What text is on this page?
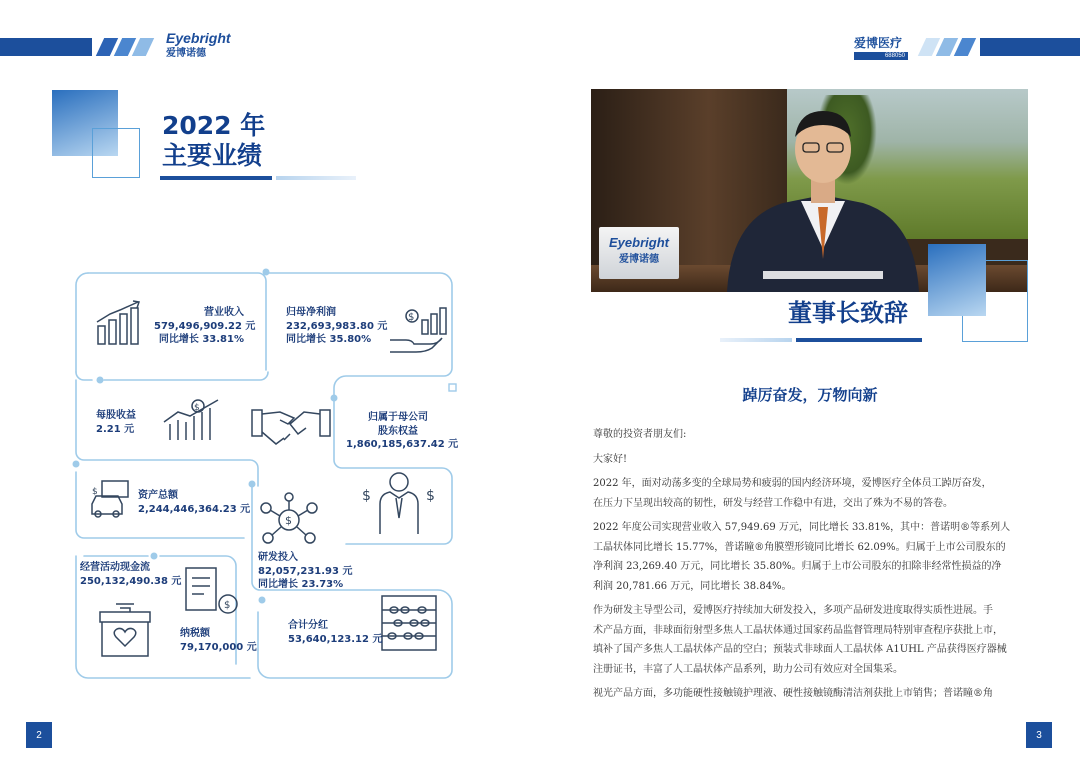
Eyebright
爱博诺德
爱博医疗
688050
2022 年
主要业绩
$
$
$	$
$
$
$
营业收入
579,496,909.22 元
同比增长 33.81%
归母净利润
232,693,983.80 元
同比增长 35.80%
每股收益
2.21 元
归属于母公司
股东权益
1,860,185,637.42 元
资产总额
2,244,446,364.23 元
研发投入
82,057,231.93 元
同比增长 23.73%
经营活动现金流
250,132,490.38 元
纳税额
79,170,000 元
合计分红
53,640,123.12 元
2
Eyebright
爱博诺德
董事长致辞
踔厉奋发，万物向新
尊敬的投资者朋友们:
大家好!
2022 年，面对动荡多变的全球局势和疲弱的国内经济环境，爱博医疗全体员工踔厉奋发，
在压力下呈现出较高的韧性，研发与经营工作稳中有进，交出了殊为不易的答卷。
2022 年度公司实现营业收入 57,949.69 万元，同比增长 33.81%，其中：普诺明®等系列人
工晶状体同比增长 15.77%，普诺瞳®角膜塑形镜同比增长 62.09%。归属于上市公司股东的
净利润 23,269.40 万元，同比增长 35.80%。归属于上市公司股东的扣除非经常性损益的净
利润 20,781.66 万元，同比增长 38.84%。
作为研发主导型公司，爱博医疗持续加大研发投入，多项产品研发进度取得实质性进展。手
术产品方面，非球面衍射型多焦人工晶状体通过国家药品监督管理局特别审查程序获批上市，
填补了国产多焦人工晶状体产品的空白；预装式非球面人工晶状体 A1UHL 产品获得医疗器械
注册证书，丰富了人工晶状体产品系列，助力公司有效应对全国集采。
视光产品方面，多功能硬性接触镜护理液、硬性接触镜酶清洁剂获批上市销售；普诺瞳®角
3
